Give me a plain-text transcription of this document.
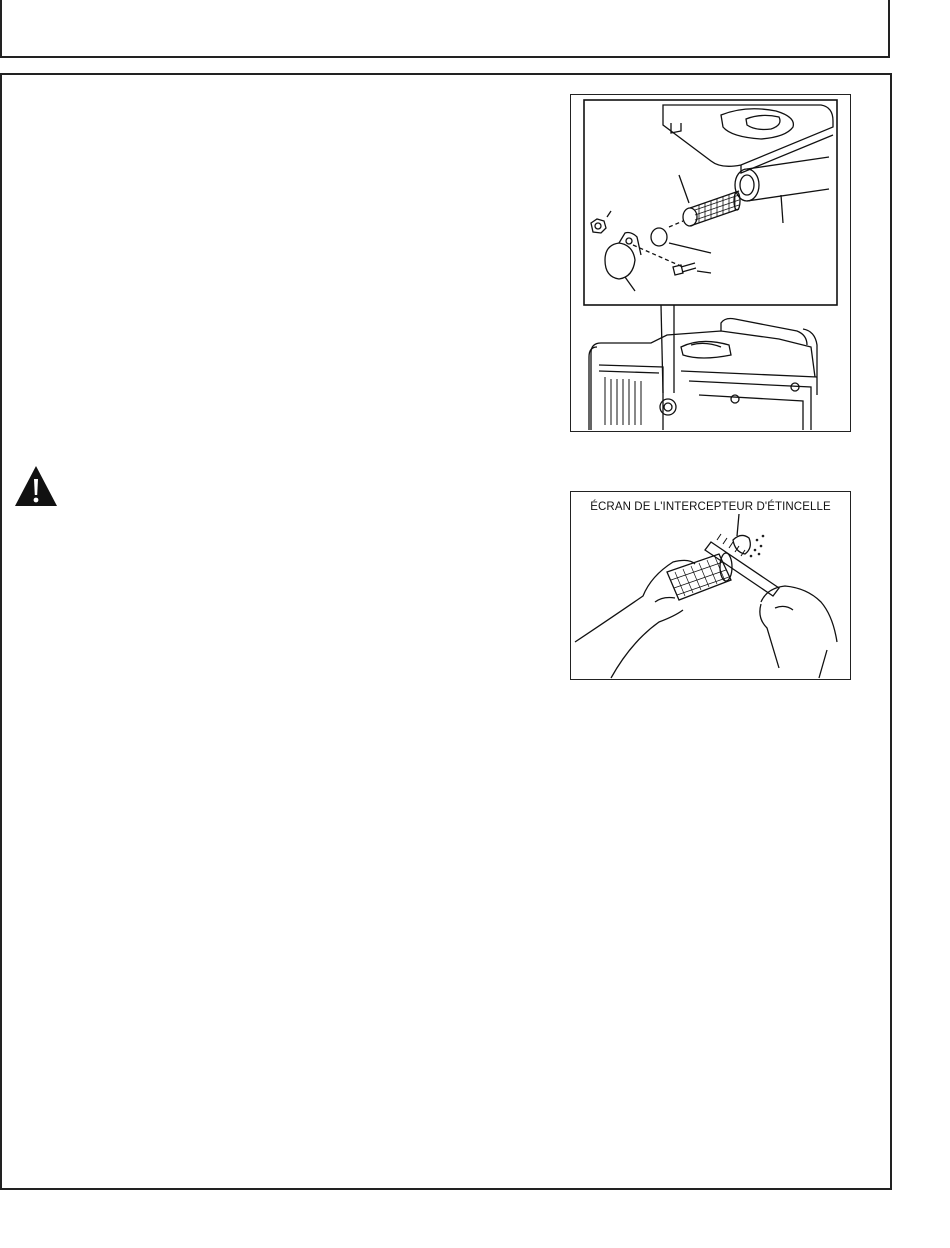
ÉCRAN DE L'INTERCEPTEUR D'ÉTINCELLE
